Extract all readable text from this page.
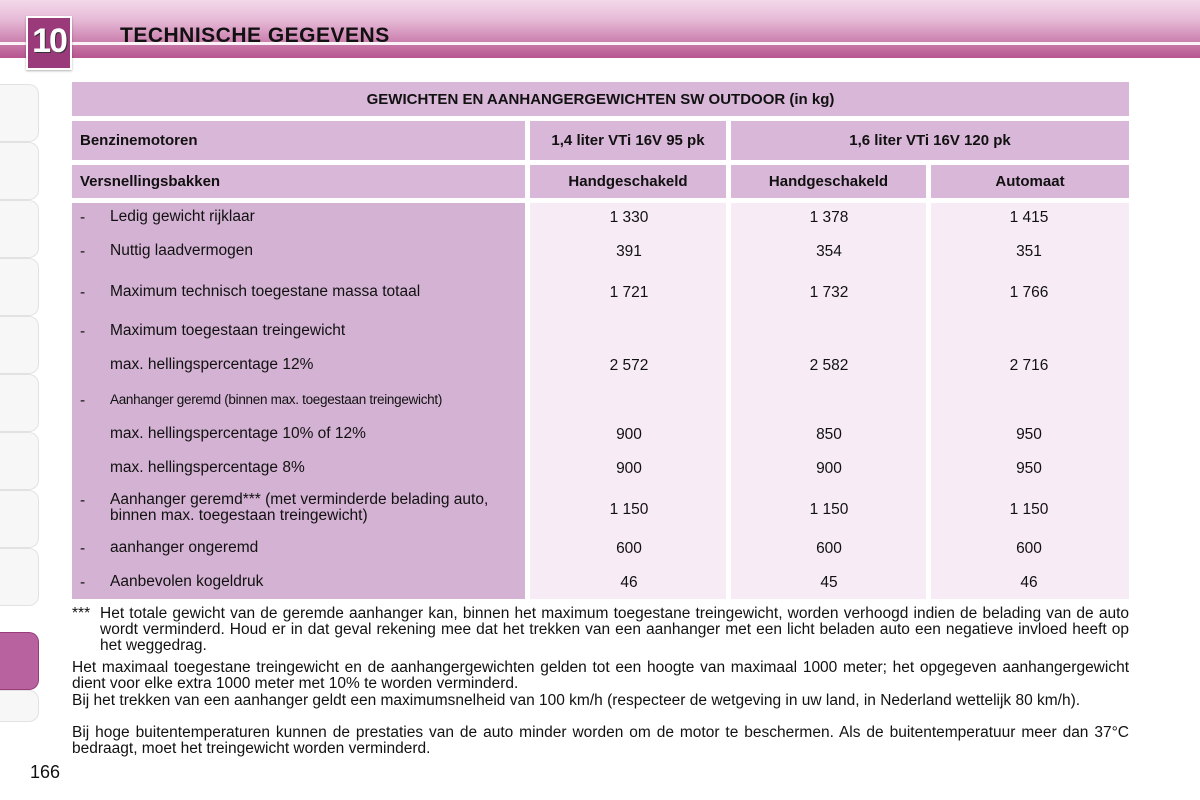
10	TECHNISCHE GEGEVENS
GEWICHTEN EN AANHANGERGEWICHTEN SW OUTDOOR (in kg)
Benzinemotoren	1,4 liter VTi 16V 95 pk	1,6 liter VTi 16V 120 pk
Versnellingsbakken	Handgeschakeld	Handgeschakeld	Automaat
- Ledig gewicht rijklaar	1 330	1 378	1 415
- Nuttig laadvermogen	391	354	351
- Maximum technisch toegestane massa totaal	1 721	1 732	1 766
- Maximum toegestaan treingewicht
max. hellingspercentage 12%	2 572	2 582	2 716
- Aanhanger geremd (binnen max. toegestaan treingewicht)
max. hellingspercentage 10% of 12%	900	850	950
max. hellingspercentage 8%	900	900	950
- Aanhanger geremd*** (met verminderde belading auto, binnen max. toegestaan treingewicht)	1 150	1 150	1 150
- aanhanger ongeremd	600	600	600
- Aanbevolen kogeldruk	46	45	46
*** Het totale gewicht van de geremde aanhanger kan, binnen het maximum toegestane treingewicht, worden verhoogd indien de belading van de auto wordt verminderd. Houd er in dat geval rekening mee dat het trekken van een aanhanger met een licht beladen auto een negatieve invloed heeft op het weggedrag.
Het maximaal toegestane treingewicht en de aanhangergewichten gelden tot een hoogte van maximaal 1000 meter; het opgegeven aanhangergewicht dient voor elke extra 1000 meter met 10% te worden verminderd.
Bij het trekken van een aanhanger geldt een maximumsnelheid van 100 km/h (respecteer de wetgeving in uw land, in Nederland wettelijk 80 km/h).
Bij hoge buitentemperaturen kunnen de prestaties van de auto minder worden om de motor te beschermen. Als de buitentemperatuur meer dan 37°C bedraagt, moet het treingewicht worden verminderd.
166
